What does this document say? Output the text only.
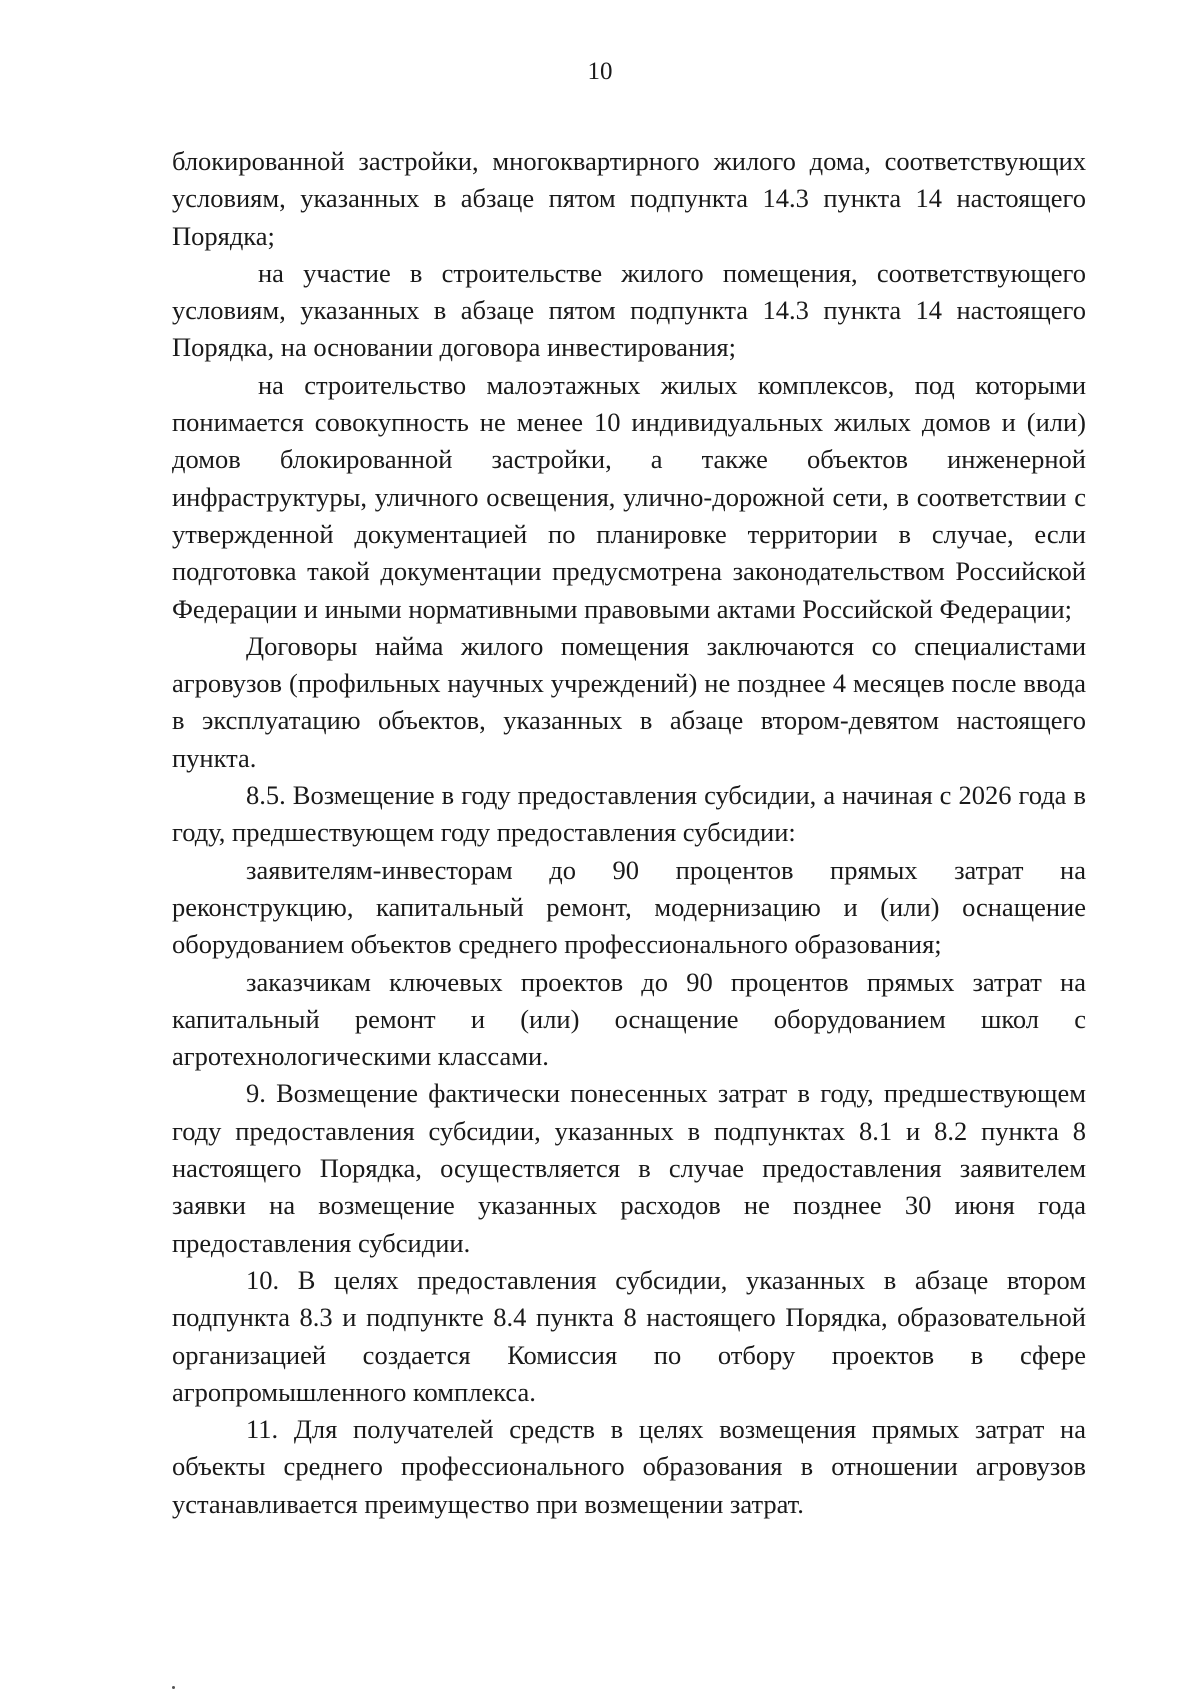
10

блокированной застройки, многоквартирного жилого дома, соответствующих условиям, указанных в абзаце пятом подпункта 14.3 пункта 14 настоящего Порядка;

на участие в строительстве жилого помещения, соответствующего условиям, указанных в абзаце пятом подпункта 14.3 пункта 14 настоящего Порядка, на основании договора инвестирования;

на строительство малоэтажных жилых комплексов, под которыми понимается совокупность не менее 10 индивидуальных жилых домов и (или) домов блокированной застройки, а также объектов инженерной инфраструктуры, уличного освещения, улично-дорожной сети, в соответствии с утвержденной документацией по планировке территории в случае, если подготовка такой документации предусмотрена законодательством Российской Федерации и иными нормативными правовыми актами Российской Федерации;

Договоры найма жилого помещения заключаются со специалистами агровузов (профильных научных учреждений) не позднее 4 месяцев после ввода в эксплуатацию объектов, указанных в абзаце втором-девятом настоящего пункта.

8.5. Возмещение в году предоставления субсидии, а начиная с 2026 года в году, предшествующем году предоставления субсидии:

заявителям-инвесторам до 90 процентов прямых затрат на реконструкцию, капитальный ремонт, модернизацию и (или) оснащение оборудованием объектов среднего профессионального образования;

заказчикам ключевых проектов до 90 процентов прямых затрат на капитальный ремонт и (или) оснащение оборудованием школ с агротехнологическими классами.

9. Возмещение фактически понесенных затрат в году, предшествующем году предоставления субсидии, указанных в подпунктах 8.1 и 8.2 пункта 8 настоящего Порядка, осуществляется в случае предоставления заявителем заявки на возмещение указанных расходов не позднее 30 июня года предоставления субсидии.

10. В целях предоставления субсидии, указанных в абзаце втором подпункта 8.3 и подпункте 8.4 пункта 8 настоящего Порядка, образовательной организацией создается Комиссия по отбору проектов в сфере агропромышленного комплекса.

11. Для получателей средств в целях возмещения прямых затрат на объекты среднего профессионального образования в отношении агровузов устанавливается преимущество при возмещении затрат.
